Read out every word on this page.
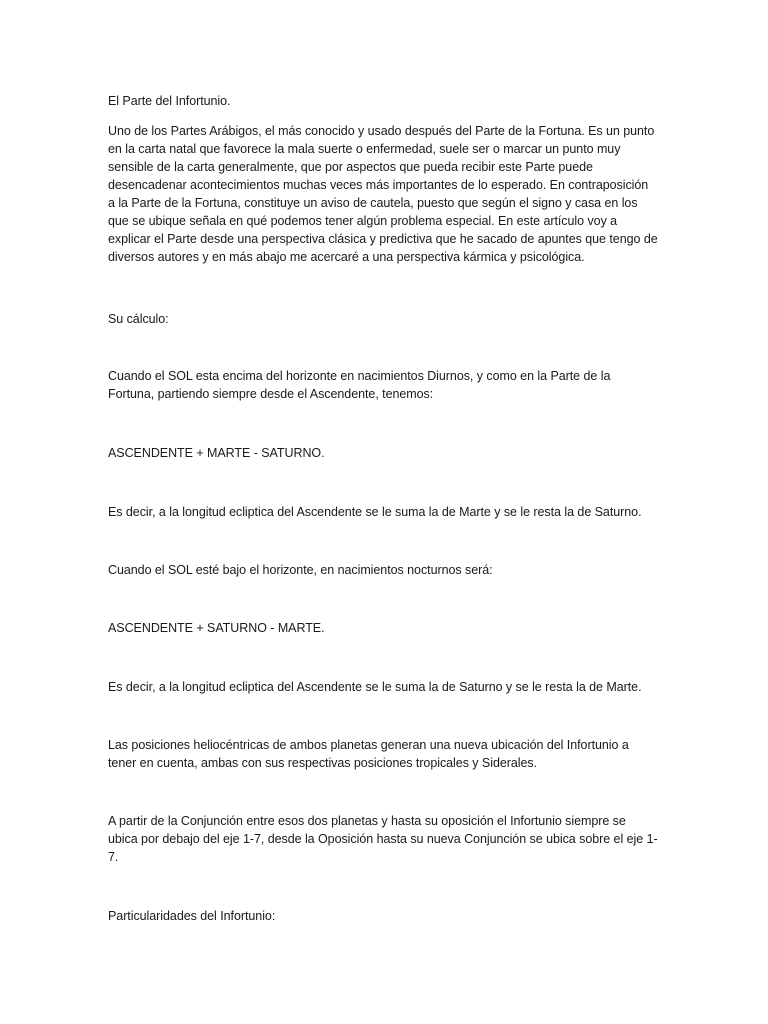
El Parte del Infortunio.
Uno de los Partes Arábigos, el más conocido y usado después del Parte de la Fortuna. Es un punto
en la carta natal que favorece la mala suerte o enfermedad, suele ser o marcar un punto muy
sensible de la carta generalmente, que por aspectos que pueda recibir este Parte puede
desencadenar acontecimientos muchas veces más importantes de lo esperado. En contraposición
a la Parte de la Fortuna, constituye un aviso de cautela, puesto que según el signo y casa en los
que se ubique señala en qué podemos tener algún problema especial. En este artículo voy a
explicar el Parte desde una perspectiva clásica y predictiva que he sacado de apuntes que tengo de
diversos autores y en más abajo me acercaré a una perspectiva kármica y psicológica.
Su cálculo:
Cuando el SOL esta encima del horizonte en nacimientos Diurnos, y como en la Parte de la
Fortuna, partiendo siempre desde el Ascendente, tenemos:
ASCENDENTE + MARTE - SATURNO.
Es decir, a la longitud ecliptica del Ascendente se le suma la de Marte y se le resta la de Saturno.
Cuando el SOL esté bajo el horizonte, en nacimientos nocturnos será:
ASCENDENTE + SATURNO - MARTE.
Es decir, a la longitud ecliptica del Ascendente se le suma la de Saturno y se le resta la de Marte.
Las posiciones heliocéntricas de ambos planetas generan una nueva ubicación del Infortunio a
tener en cuenta, ambas con sus respectivas posiciones tropicales y Siderales.
A partir de la Conjunción entre esos dos planetas y hasta su oposición el Infortunio siempre se
ubica por debajo del eje 1-7, desde la Oposición hasta su nueva Conjunción se ubica sobre el eje 1-
7.
Particularidades del Infortunio:
